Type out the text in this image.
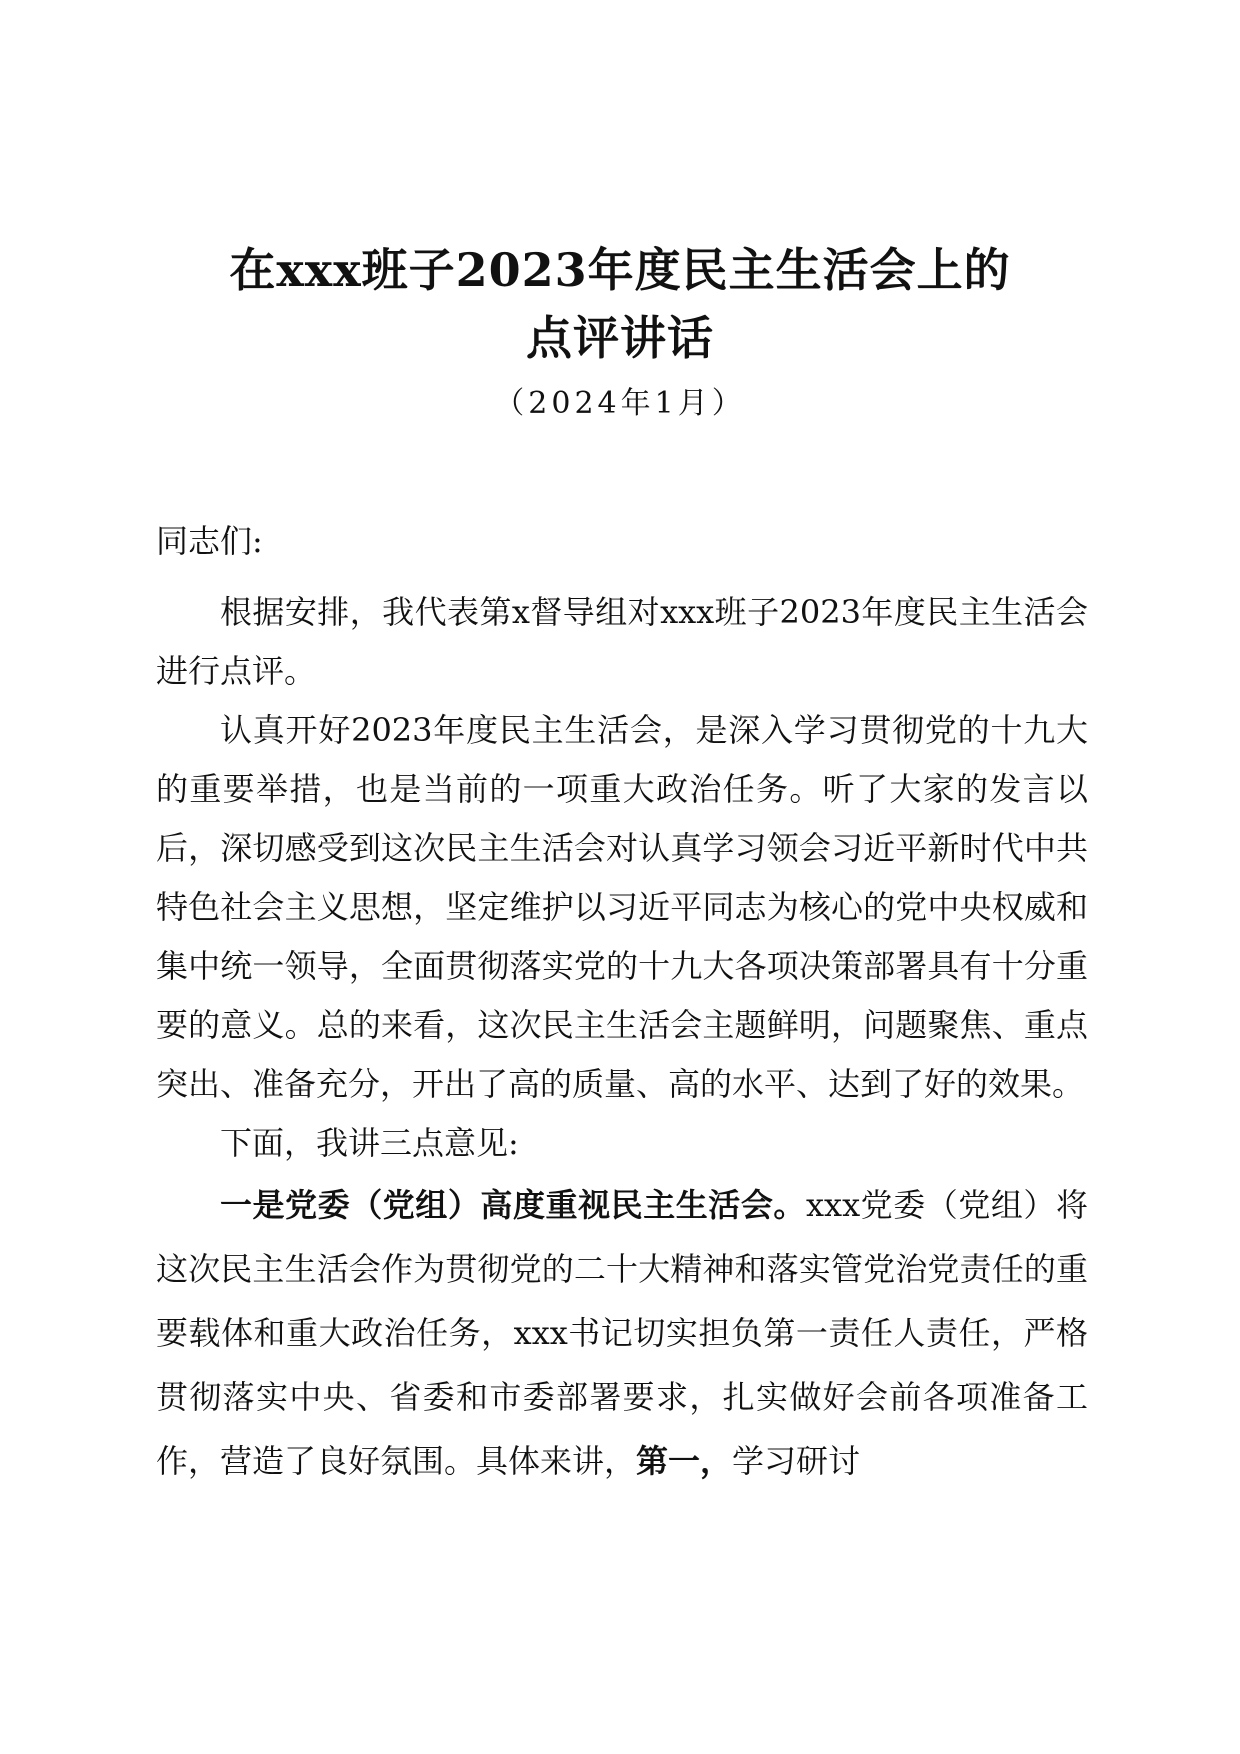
在xxx班子2023年度民主生活会上的
点评讲话
（2024年1月）

同志们:

根据安排，我代表第x督导组对xxx班子2023年度民主生活会进行点评。

认真开好2023年度民主生活会，是深入学习贯彻党的十九大的重要举措，也是当前的一项重大政治任务。听了大家的发言以后，深切感受到这次民主生活会对认真学习领会习近平新时代中共特色社会主义思想，坚定维护以习近平同志为核心的党中央权威和集中统一领导，全面贯彻落实党的十九大各项决策部署具有十分重要的意义。总的来看，这次民主生活会主题鲜明，问题聚焦、重点突出、准备充分，开出了高的质量、高的水平、达到了好的效果。

下面，我讲三点意见:

一是党委（党组）高度重视民主生活会。xxx党委（党组）将这次民主生活会作为贯彻党的二十大精神和落实管党治党责任的重要载体和重大政治任务，xxx书记切实担负第一责任人责任，严格贯彻落实中央、省委和市委部署要求，扎实做好会前各项准备工作，营造了良好氛围。具体来讲，第一，学习研讨
